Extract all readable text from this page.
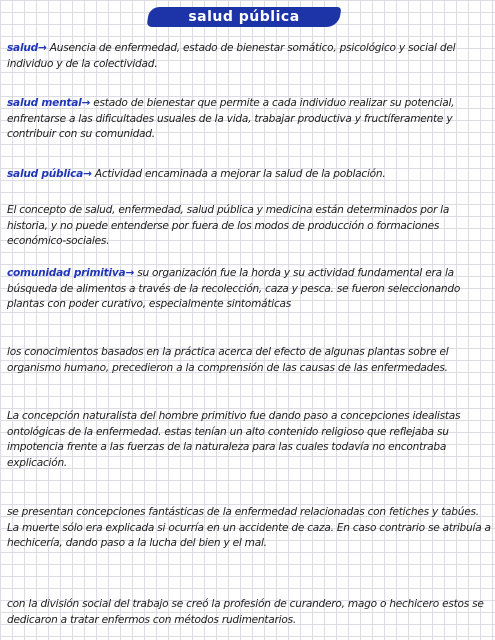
salud pública

salud→ Ausencia de enfermedad, estado de bienestar somático, psicológico y social del individuo y de la colectividad.

salud mental→ estado de bienestar que permite a cada individuo realizar su potencial, enfrentarse a las dificultades usuales de la vida, trabajar productiva y fructíferamente y contribuir con su comunidad.

salud pública→ Actividad encaminada a mejorar la salud de la población.

El concepto de salud, enfermedad, salud pública y medicina están determinados por la historia, y no puede entenderse por fuera de los modos de producción o formaciones económico-sociales.

comunidad primitiva→ su organización fue la horda y su actividad fundamental era la búsqueda de alimentos a través de la recolección, caza y pesca. se fueron seleccionando plantas con poder curativo, especialmente sintomáticas

los conocimientos basados en la práctica acerca del efecto de algunas plantas sobre el organismo humano, precedieron a la comprensión de las causas de las enfermedades.

La concepción naturalista del hombre primitivo fue dando paso a concepciones idealistas ontológicas de la enfermedad. estas tenían un alto contenido religioso que reflejaba su impotencia frente a las fuerzas de la naturaleza para las cuales todavía no encontraba explicación.

se presentan concepciones fantásticas de la enfermedad relacionadas con fetiches y tabúes. La muerte sólo era explicada si ocurría en un accidente de caza. En caso contrario se atribuía a hechicería, dando paso a la lucha del bien y el mal.

con la división social del trabajo se creó la profesión de curandero, mago o hechicero estos se dedicaron a tratar enfermos con métodos rudimentarios.
